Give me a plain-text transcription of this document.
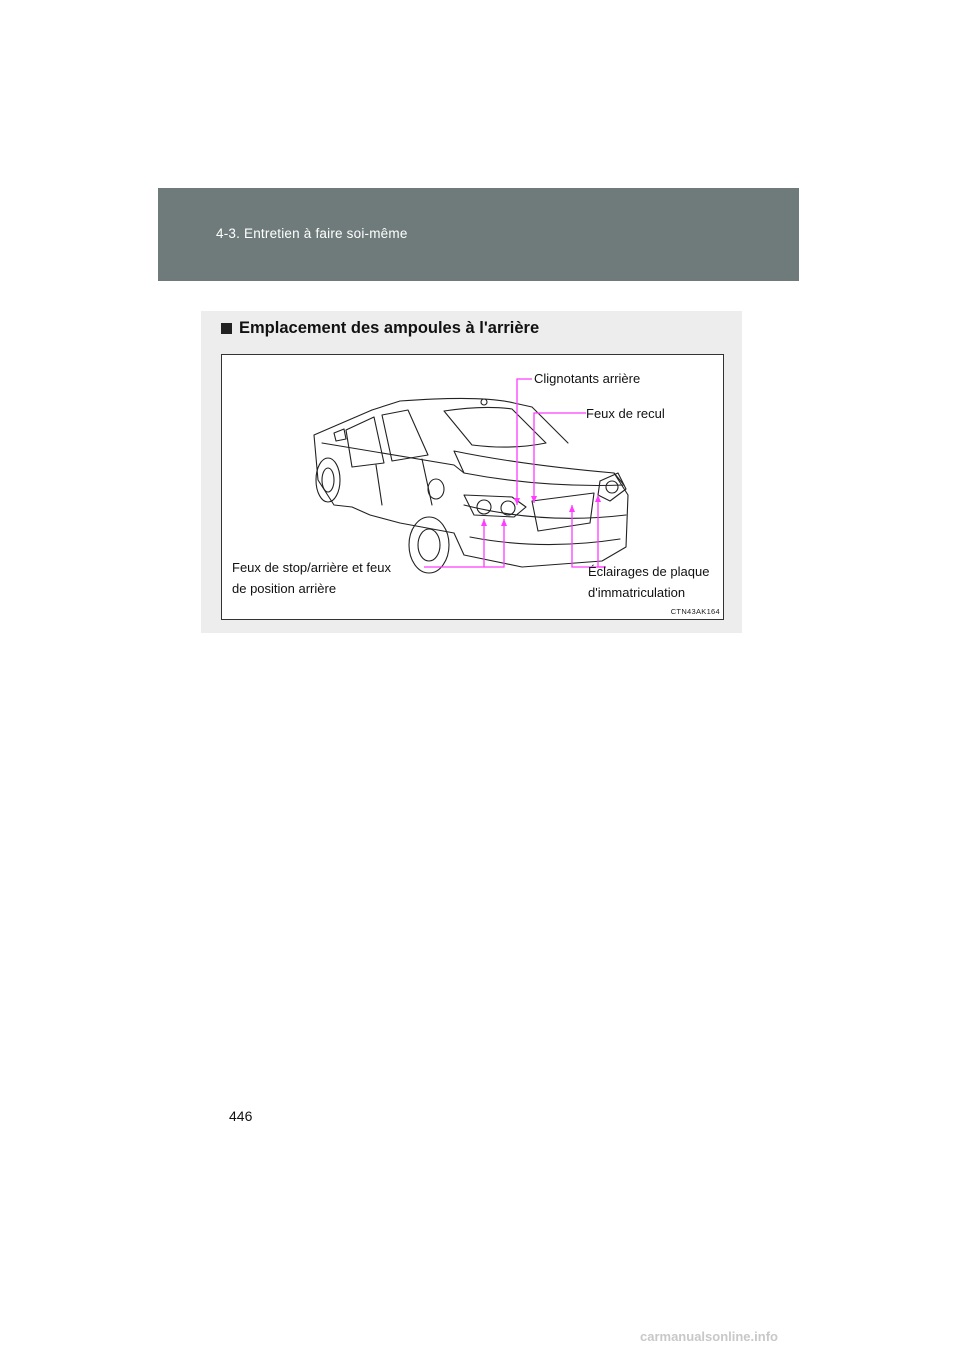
4-3. Entretien à faire soi-même
Emplacement des ampoules à l'arrière
Clignotants arrière
Feux de recul
Feux de stop/arrière et feux
de position arrière
Éclairages de plaque
d'immatriculation
CTN43AK164
446
carmanualsonline.info
